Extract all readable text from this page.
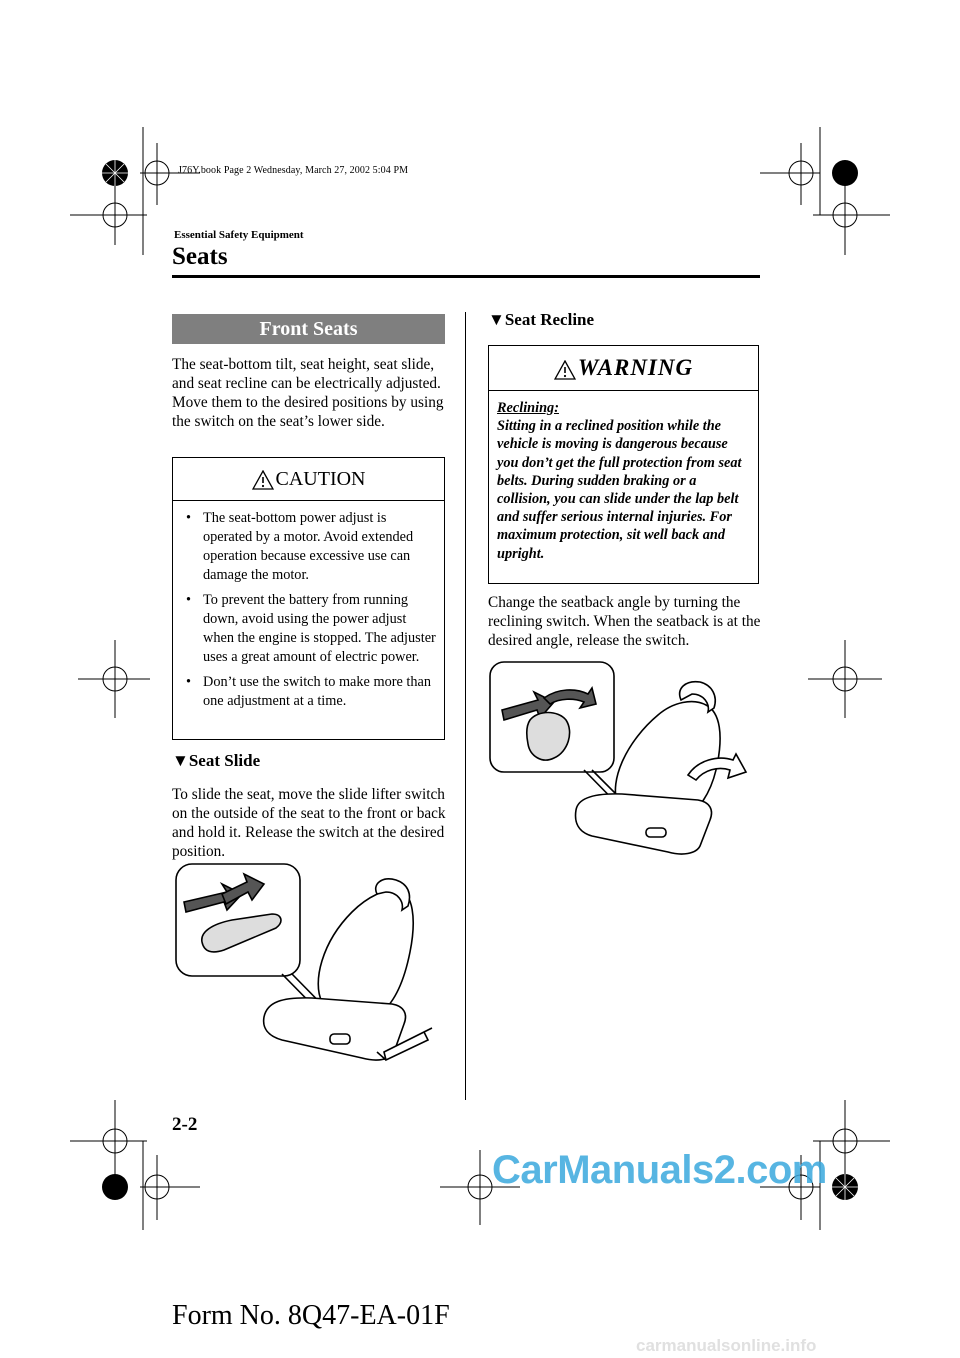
J76Y.book Page 2 Wednesday, March 27, 2002 5:04 PM
Essential Safety Equipment
Seats
Front Seats
The seat-bottom tilt, seat height, seat slide, and seat recline can be electrically adjusted. Move them to the desired positions by using the switch on the seat’s lower side.
CAUTION
• The seat-bottom power adjust is operated by a motor. Avoid extended operation because excessive use can damage the motor.
• To prevent the battery from running down, avoid using the power adjust when the engine is stopped. The adjuster uses a great amount of electric power.
• Don’t use the switch to make more than one adjustment at a time.
▼Seat Slide
To slide the seat, move the slide lifter switch on the outside of the seat to the front or back and hold it. Release the switch at the desired position.
▼Seat Recline
WARNING
Reclining:
Sitting in a reclined position while the vehicle is moving is dangerous because you don’t get the full protection from seat belts. During sudden braking or a collision, you can slide under the lap belt and suffer serious internal injuries. For maximum protection, sit well back and upright.
Change the seatback angle by turning the reclining switch. When the seatback is at the desired angle, release the switch.
2-2
CarManuals2.com
Form No. 8Q47-EA-01F
carmanualsonline.info
